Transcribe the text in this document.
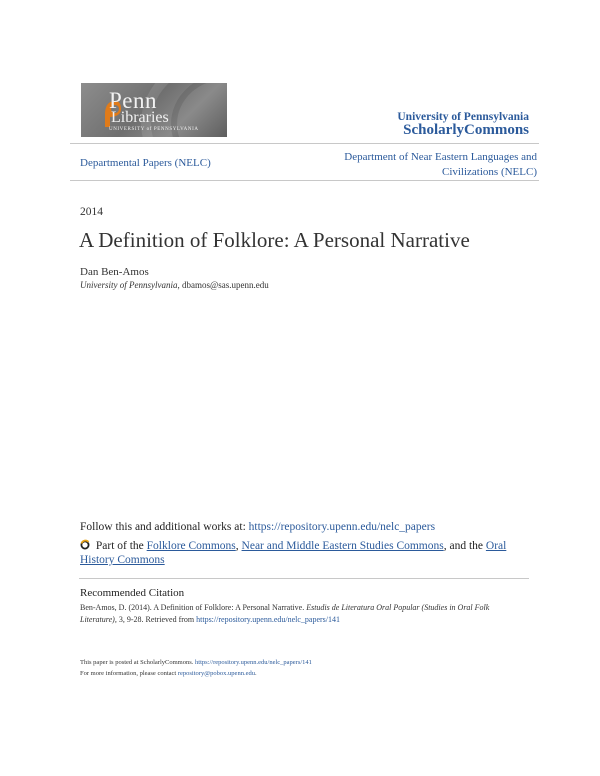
Penn
Libraries
UNIVERSITY of PENNSYLVANIA
University of Pennsylvania
ScholarlyCommons
Departmental Papers (NELC)	Department of Near Eastern Languages and Civilizations (NELC)
2014
A Definition of Folklore: A Personal Narrative
Dan Ben-Amos
University of Pennsylvania, dbamos@sas.upenn.edu
Follow this and additional works at: https://repository.upenn.edu/nelc_papers
Part of the Folklore Commons, Near and Middle Eastern Studies Commons, and the Oral History Commons
Recommended Citation
Ben-Amos, D. (2014). A Definition of Folklore: A Personal Narrative. Estudis de Literatura Oral Popular (Studies in Oral Folk Literature), 3, 9-28. Retrieved from https://repository.upenn.edu/nelc_papers/141
This paper is posted at ScholarlyCommons. https://repository.upenn.edu/nelc_papers/141
For more information, please contact repository@pobox.upenn.edu.
